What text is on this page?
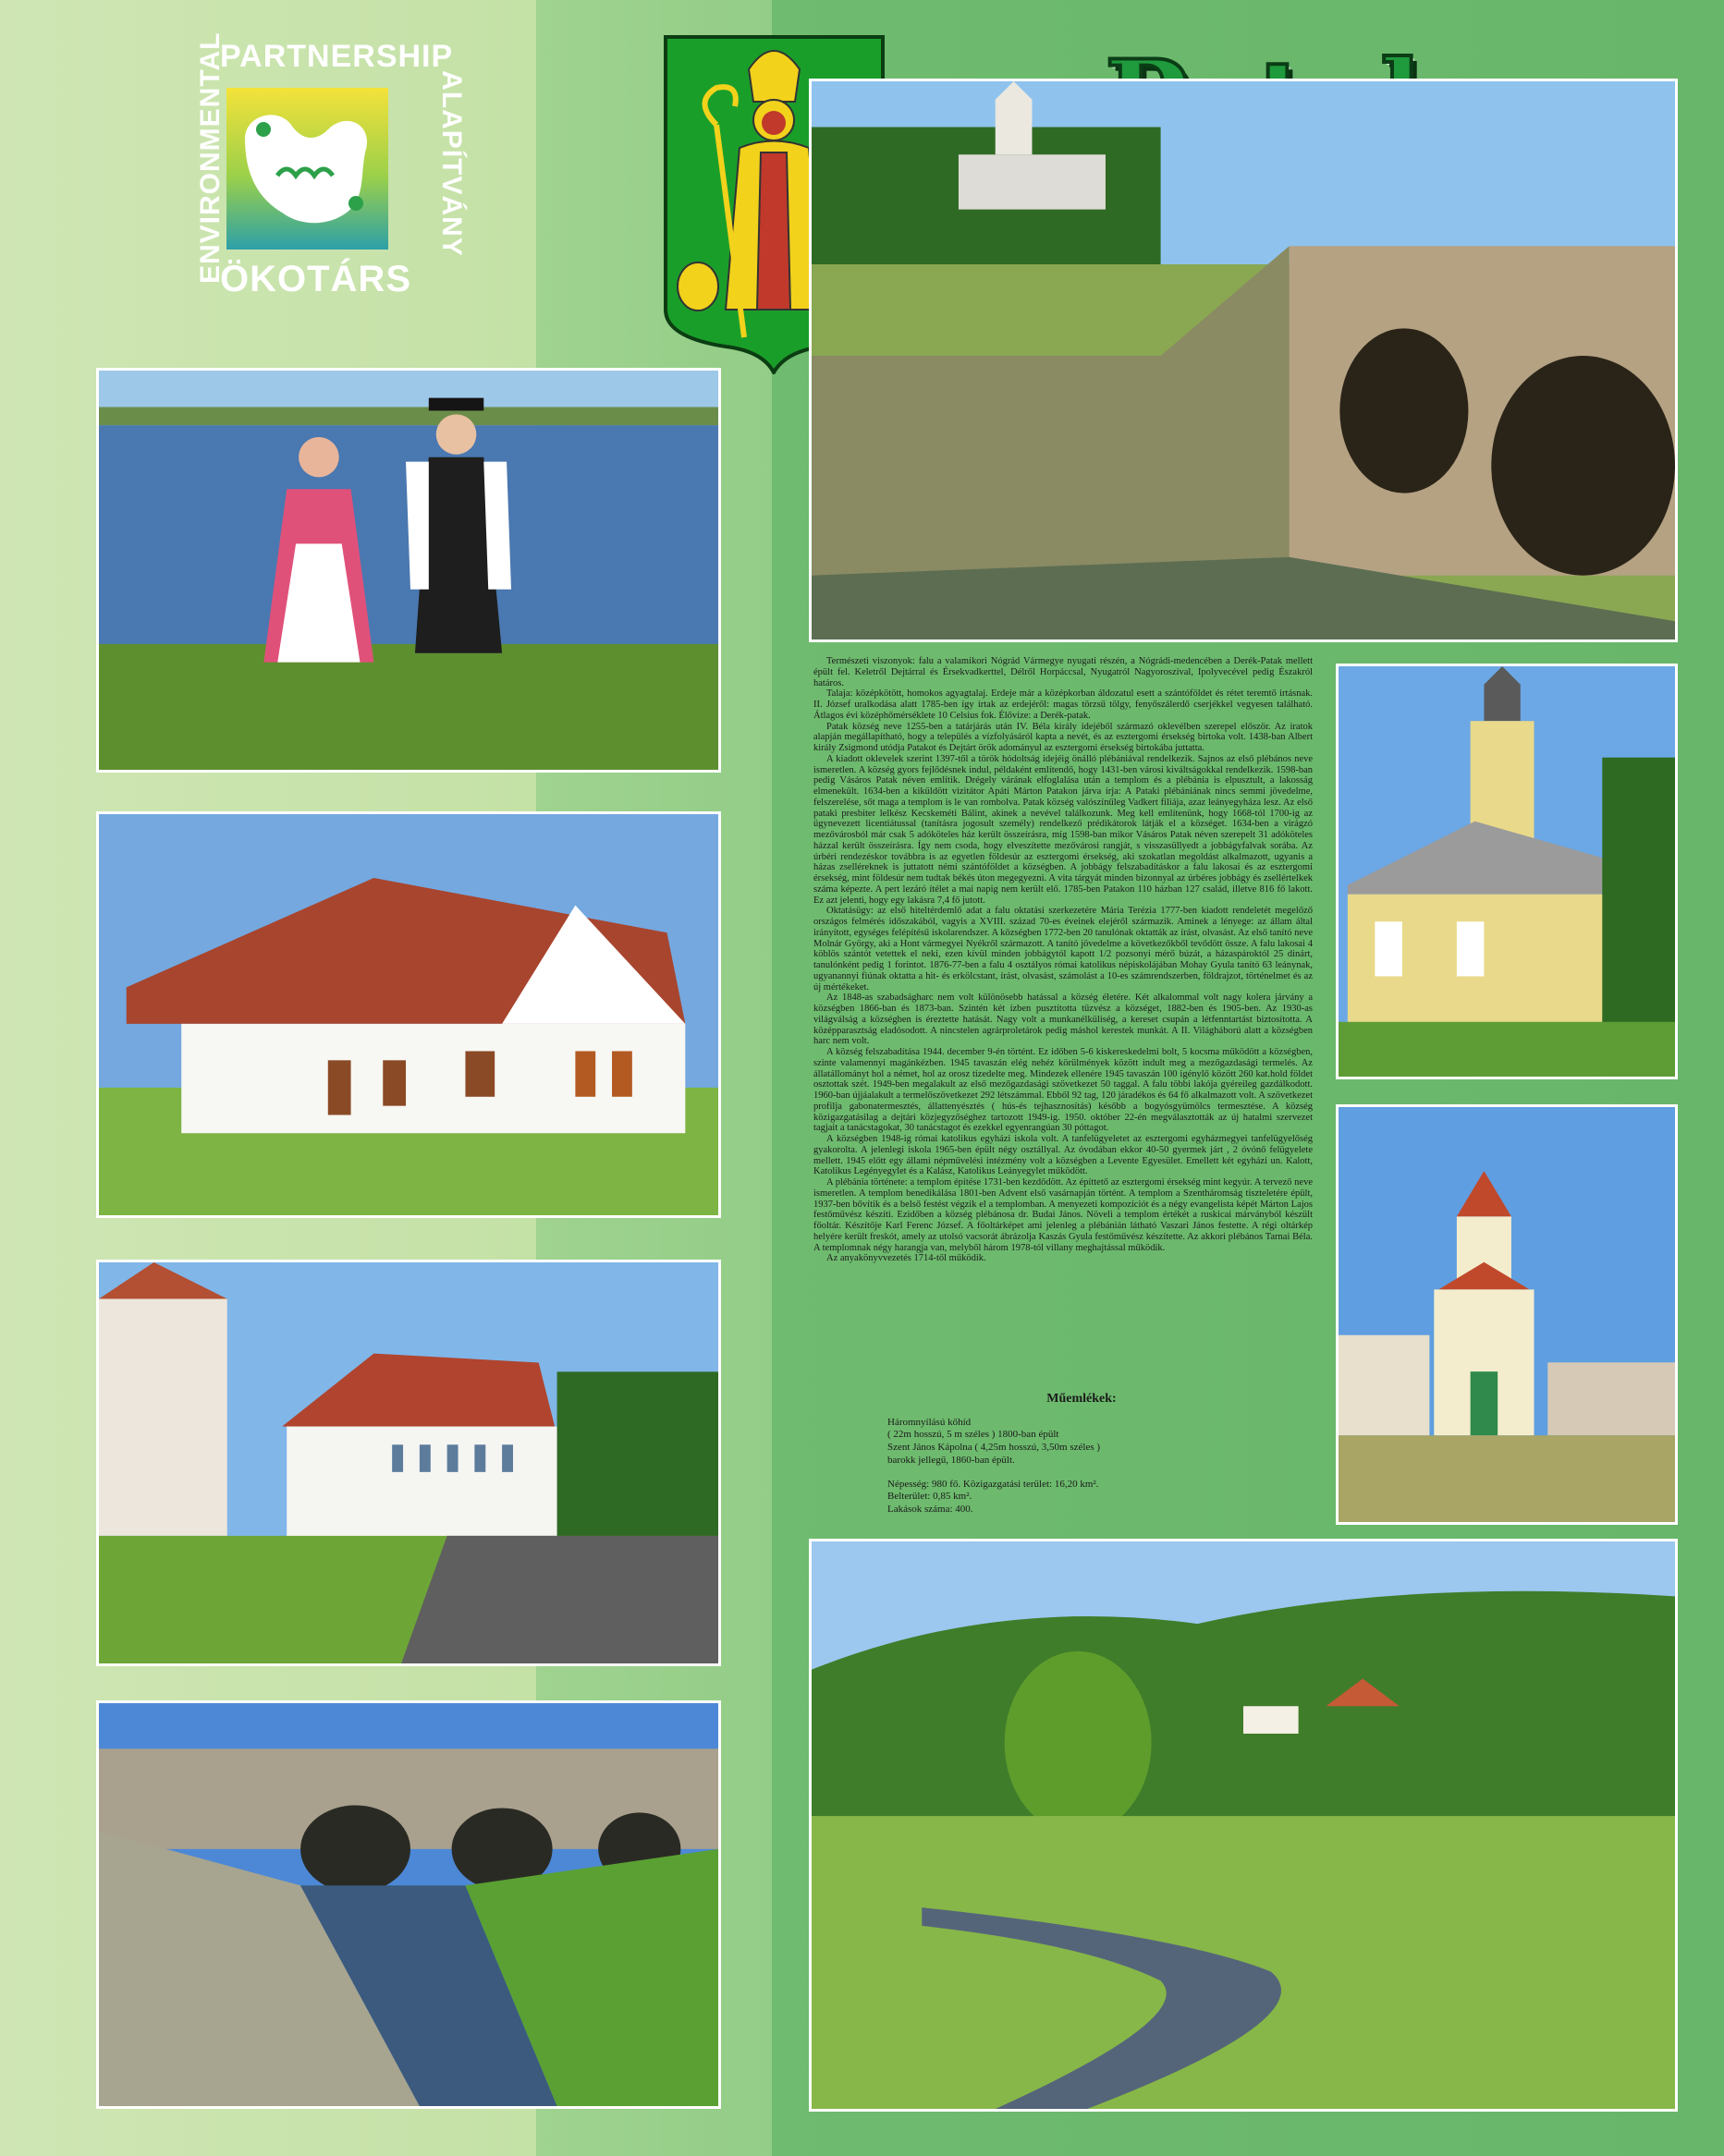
PARTNERSHIP
ENVIRONMENTAL
ÖKOTÁRS
ALAPÍTVÁNY

Természeti viszonyok: falu a valamikori Nógrád Vármegye nyugati részén, a Nógrádi-medencében a Derék-Patak mellett épült fel. Keletről Dejtárral és Érsekvadkerttel, Délről Horpáccsal, Nyugatról Nagyoroszival, Ipolyvecével pedig Északról határos.

Talaja: középkötött, homokos agyagtalaj. Erdeje már a középkorban áldozatul esett a szántóföldet és rétet teremtő irtásnak. II. József uralkodása alatt 1785-ben így írtak az erdejéről: magas törzsű tölgy, fenyőszálerdő cserjékkel vegyesen található. Átlagos évi középhőmérséklete 10 Celsius fok. Élővize: a Derék-patak.

Patak község neve 1255-ben a tatárjárás után IV. Béla király idejéből származó oklevélben szerepel először. Az iratok alapján megállapítható, hogy a település a vízfolyásáról kapta a nevét, és az esztergomi érsekség birtoka volt. 1438-ban Albert király Zsigmond utódja Patakot és Dejtárt örök adományul az esztergomi érsekség birtokába juttatta.

A kiadott oklevelek szerint 1397-től a török hódoltság idejéig önálló plébániával rendelkezik. Sajnos az első plébános neve ismeretlen. A község gyors fejlődésnek indul, példaként említendő, hogy 1431-ben városi kiváltságokkal rendelkezik. 1598-ban pedig Vásáros Patak néven említik. Drégely várának elfoglalása után a templom és a plébánia is elpusztult, a lakosság elmenekült. 1634-ben a kiküldött vizitátor Apáti Márton Patakon járva írja: A Pataki plébániának nincs semmi jövedelme, felszerelése, sőt maga a templom is le van rombolva. Patak község valószínűleg Vadkert filiája, azaz leányegyháza lesz. Az első pataki presbiter lelkész Kecskeméti Bálint, akinek a nevével találkozunk. Meg kell említenünk, hogy 1668-tól 1700-ig az ügynevezett licentiátussal (tanításra jogosult személy) rendelkező prédikátorok látják el a községet. 1634-ben a virágzó mezővárosból már csak 5 adóköteles ház került összeírásra, míg 1598-ban mikor Vásáros Patak néven szerepelt 31 adóköteles házzal került összeírásra. Így nem csoda, hogy elveszítette mezővárosi rangját, s visszasüllyedt a jobbágyfalvak sorába. Az úrbéri rendezéskor továbbra is az egyetlen földesúr az esztergomi érsekség, aki szokatlan megoldást alkalmazott, ugyanis a házas zselléreknek is juttatott némi szántóföldet a községben. A jobbágy felszabadításkor a falu lakosai és az esztergomi érsekség, mint földesúr nem tudtak békés úton megegyezni. A vita tárgyát minden bizonnyal az úrbéres jobbágy és zsellértelkek száma képezte. A pert lezáró ítélet a mai napig nem került elő. 1785-ben Patakon 110 házban 127 család, illetve 816 fő lakott. Ez azt jelenti, hogy egy lakásra 7,4 fő jutott.

Oktatásügy: az első hiteltérdemlő adat a falu oktatási szerkezetére Mária Terézia 1777-ben kiadott rendeletét megelőző országos felmérés időszakából, vagyis a XVIII. század 70-es éveinek elejéről származik. Aminek a lényege: az állam által irányított, egységes felépítésű iskolarendszer. A községben 1772-ben 20 tanulónak oktatták az írást, olvasást. Az első tanító neve Molnár György, aki a Hont vármegyei Nyékről származott. A tanító jövedelme a következőkből tevődött össze. A falu lakosai 4 köblös szántót vetettek el neki, ezen kívül minden jobbágytól kapott 1/2 pozsonyi mérő búzát, a házaspároktól 25 dinárt, tanulónként pedig 1 forintot. 1876-77-ben a falu 4 osztályos római katolikus népiskolájában Mohay Gyula tanító 63 leánynak, ugyanannyi fiúnak oktatta a hit- és erkölcstant, írást, olvasást, számolást a 10-es számrendszerben, földrajzot, történelmet és az új mértékeket.

Az 1848-as szabadságharc nem volt különösebb hatással a község életére. Két alkalommal volt nagy kolera járvány a községben 1866-ban és 1873-ban. Szintén két ízben pusztította tűzvész a községet, 1882-ben és 1905-ben. Az 1930-as világválság a községben is éreztette hatását. Nagy volt a munkanélküliség, a kereset csupán a létfenntartást biztosította. A középparasztság eladósodott. A nincstelen agrárproletárok pedig máshol kerestek munkát. A II. Világháború alatt a községben harc nem volt.

A község felszabadítása 1944. december 9-én történt. Ez időben 5-6 kiskereskedelmi bolt, 5 kocsma működött a községben, szinte valamennyi magánkézben. 1945 tavaszán elég nehéz körülmények között indult meg a mezőgazdasági termelés. Az állatállományt hol a német, hol az orosz tizedelte meg. Mindezek ellenére 1945 tavaszán 100 igénylő között 260 kat.hold földet osztottak szét. 1949-ben megalakult az első mezőgazdasági szövetkezet 50 taggal. A falu többi lakója gyéreileg gazdálkodott. 1960-ban újjáalakult a termelőszövetkezet 292 létszámmal. Ebből 92 tag, 120 járadékos és 64 fő alkalmazott volt. A szövetkezet profilja gabonatermesztés, állattenyésztés ( hús-és tejhasznosítás) később a bogyósgyümölcs termesztése. A község közigazgatásilag a dejtári közjegyzőséghez tartozott 1949-ig. 1950. október 22-én megválasztották az új hatalmi szervezet tagjait a tanácstagokat, 30 tanácstagot és ezekkel egyenrangúan 30 póttagot.

A községben 1948-ig római katolikus egyházi iskola volt. A tanfelügyeletet az esztergomi egyházmegyei tanfelügyelőség gyakorolta. A jelenlegi iskola 1965-ben épült négy osztállyal. Az óvodában ekkor 40-50 gyermek járt , 2 óvónő felügyelete mellett. 1945 előtt egy állami népművelési intézmény volt a községben a Levente Egyesület. Emellett két egyházi un. Kalott, Katolikus Legényegylet és a Kalász, Katolikus Leányegylet működött.

A plébánia története: a templom építése 1731-ben kezdődött. Az építtető az esztergomi érsekség mint kegyúr. A tervező neve ismeretlen. A templom benedikálása 1801-ben Advent első vasárnapján történt. A templom a Szentháromság tiszteletére épült, 1937-ben bővítik és a belső festést végzik el a templomban. A menyezeti kompozíciót és a négy evangelista képét Márton Lajos festőművész készíti. Ezidőben a község plébánosa dr. Budai János. Növeli a templom értékét a ruskicai márványból készült főoltár. Készítője Karl Ferenc József. A főoltárképet ami jelenleg a plébánián látható Vaszari János festette. A régi oltárkép helyére került freskót, amely az utolsó vacsorát ábrázolja Kaszás Gyula festőművész készítette. Az akkori plébános Tarnai Béla. A templomnak négy harangja van, melyből három 1978-tól villany meghajtással működik.

Az anyakönyvvezetés 1714-től működik.

Műemlékek:

Háromnyílású kőhíd

( 22m hosszú, 5 m széles ) 1800-ban épült

Szent János Kápolna ( 4,25m hosszú, 3,50m széles )

barokk jellegű, 1860-ban épült.

Népesség: 980 fő. Közigazgatási terület: 16,20 km².

Belterület: 0,85 km².

Lakások száma: 400.
